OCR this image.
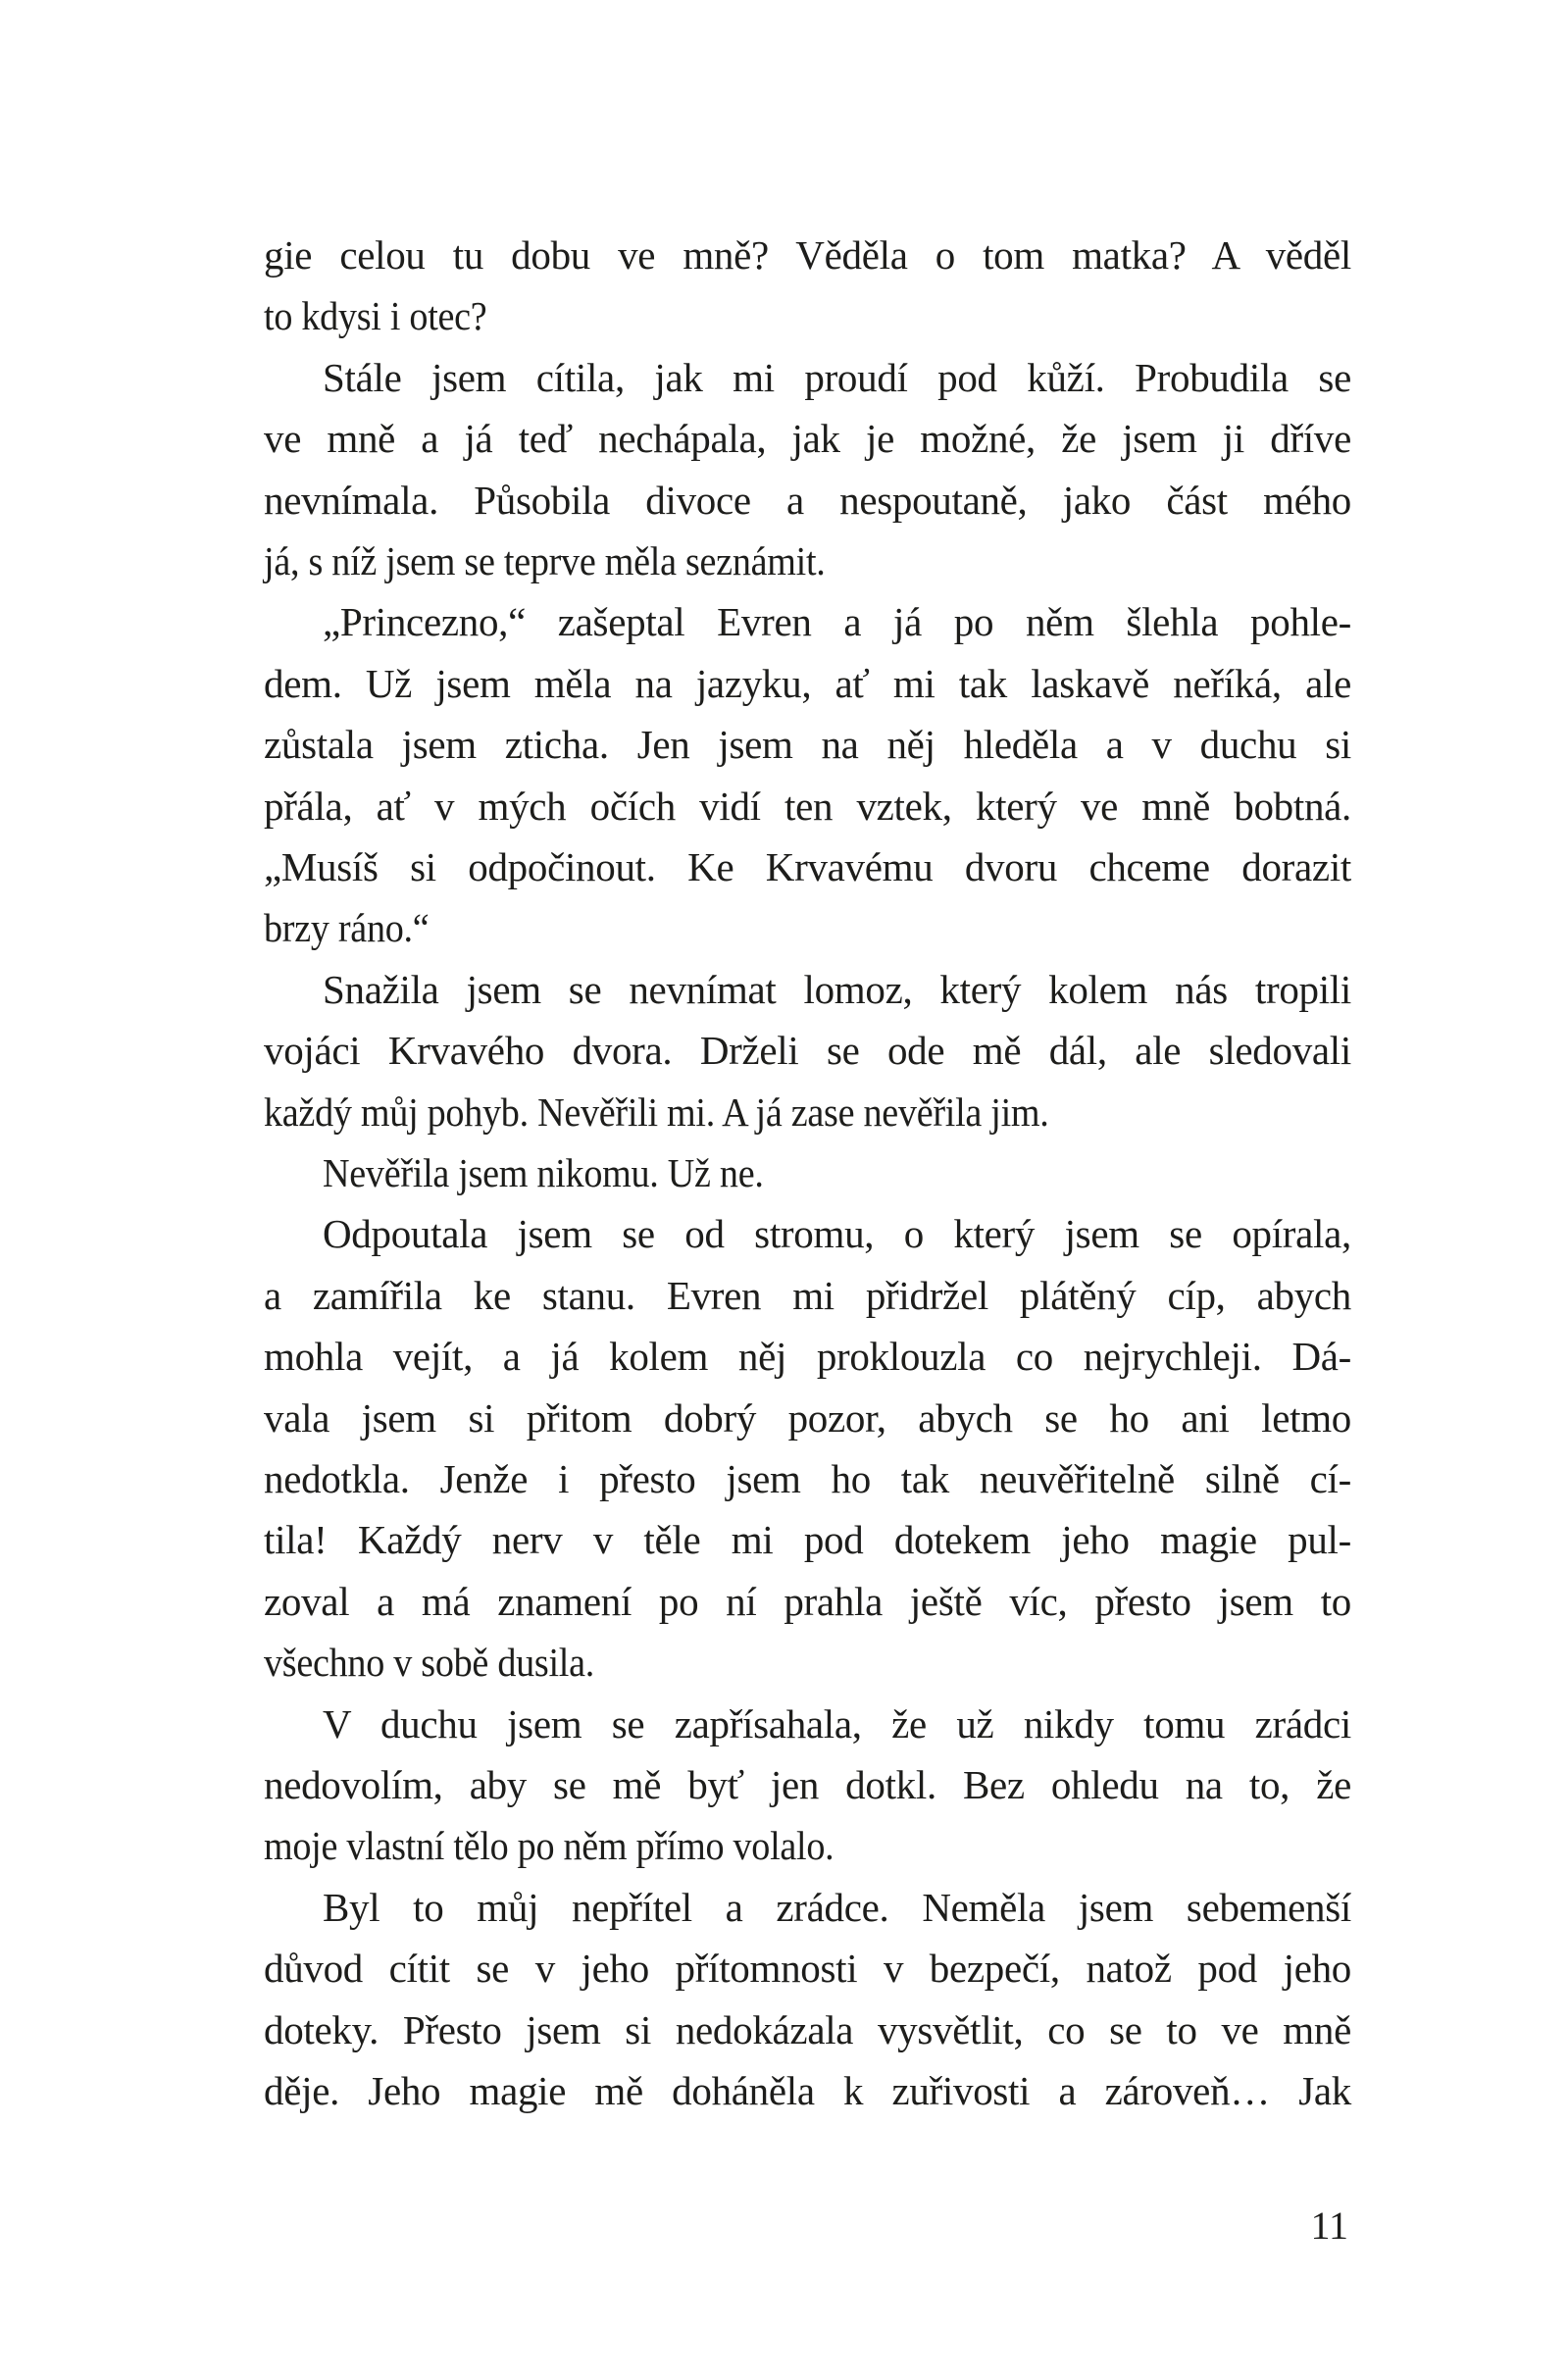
gie celou tu dobu ve mně? Věděla o tom matka? A věděl
to kdysi i otec?
Stále jsem cítila, jak mi proudí pod kůží. Probudila se
ve mně a já teď nechápala, jak je možné, že jsem ji dříve
nevnímala. Působila divoce a nespoutaně, jako část mého
já, s níž jsem se teprve měla seznámit.
„Princezno,“ zašeptal Evren a já po něm šlehla pohle-
dem. Už jsem měla na jazyku, ať mi tak laskavě neříká, ale
zůstala jsem zticha. Jen jsem na něj hleděla a v duchu si
přála, ať v mých očích vidí ten vztek, který ve mně bobtná.
„Musíš si odpočinout. Ke Krvavému dvoru chceme dorazit
brzy ráno.“
Snažila jsem se nevnímat lomoz, který kolem nás tropili
vojáci Krvavého dvora. Drželi se ode mě dál, ale sledovali
každý můj pohyb. Nevěřili mi. A já zase nevěřila jim.
Nevěřila jsem nikomu. Už ne.
Odpoutala jsem se od stromu, o který jsem se opírala,
a zamířila ke stanu. Evren mi přidržel plátěný cíp, abych
mohla vejít, a já kolem něj proklouzla co nejrychleji. Dá-
vala jsem si přitom dobrý pozor, abych se ho ani letmo
nedotkla. Jenže i přesto jsem ho tak neuvěřitelně silně cí-
tila! Každý nerv v těle mi pod dotekem jeho magie pul-
zoval a má znamení po ní prahla ještě víc, přesto jsem to
všechno v sobě dusila.
V duchu jsem se zapřísahala, že už nikdy tomu zrádci
nedovolím, aby se mě byť jen dotkl. Bez ohledu na to, že
moje vlastní tělo po něm přímo volalo.
Byl to můj nepřítel a zrádce. Neměla jsem sebemenší
důvod cítit se v jeho přítomnosti v bezpečí, natož pod jeho
doteky. Přesto jsem si nedokázala vysvětlit, co se to ve mně
děje. Jeho magie mě doháněla k zuřivosti a zároveň… Jak
11
